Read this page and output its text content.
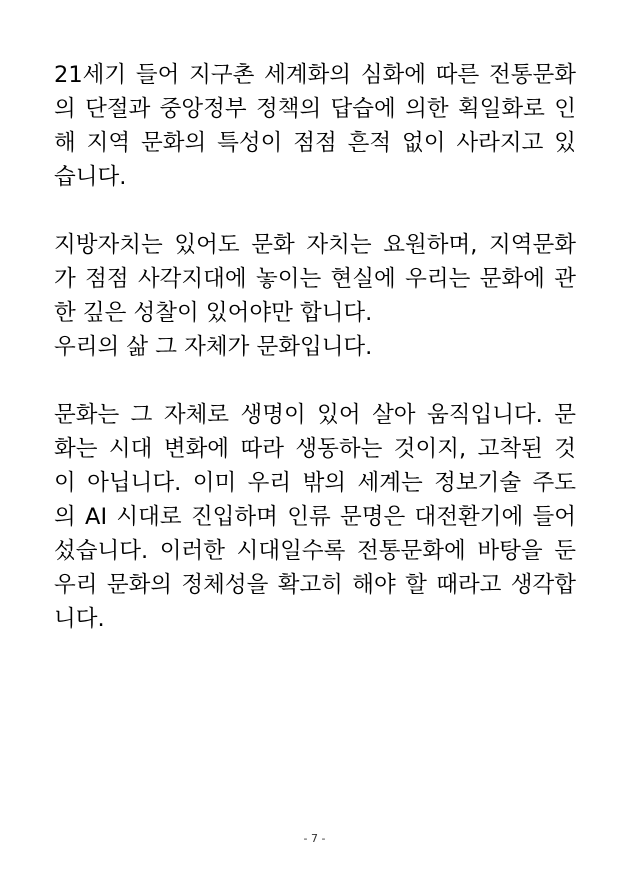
21세기 들어 지구촌 세계화의 심화에 따른 전통문화
의 단절과 중앙정부 정책의 답습에 의한 획일화로 인
해 지역 문화의 특성이 점점 흔적 없이 사라지고 있
습니다.
지방자치는 있어도 문화 자치는 요원하며, 지역문화
가 점점 사각지대에 놓이는 현실에 우리는 문화에 관
한 깊은 성찰이 있어야만 합니다.
우리의 삶 그 자체가 문화입니다.
문화는 그 자체로 생명이 있어 살아 움직입니다. 문
화는 시대 변화에 따라 생동하는 것이지, 고착된 것
이 아닙니다. 이미 우리 밖의 세계는 정보기술 주도
의 AI 시대로 진입하며 인류 문명은 대전환기에 들어
섰습니다. 이러한 시대일수록 전통문화에 바탕을 둔
우리 문화의 정체성을 확고히 해야 할 때라고 생각합
니다.
- 7 -
